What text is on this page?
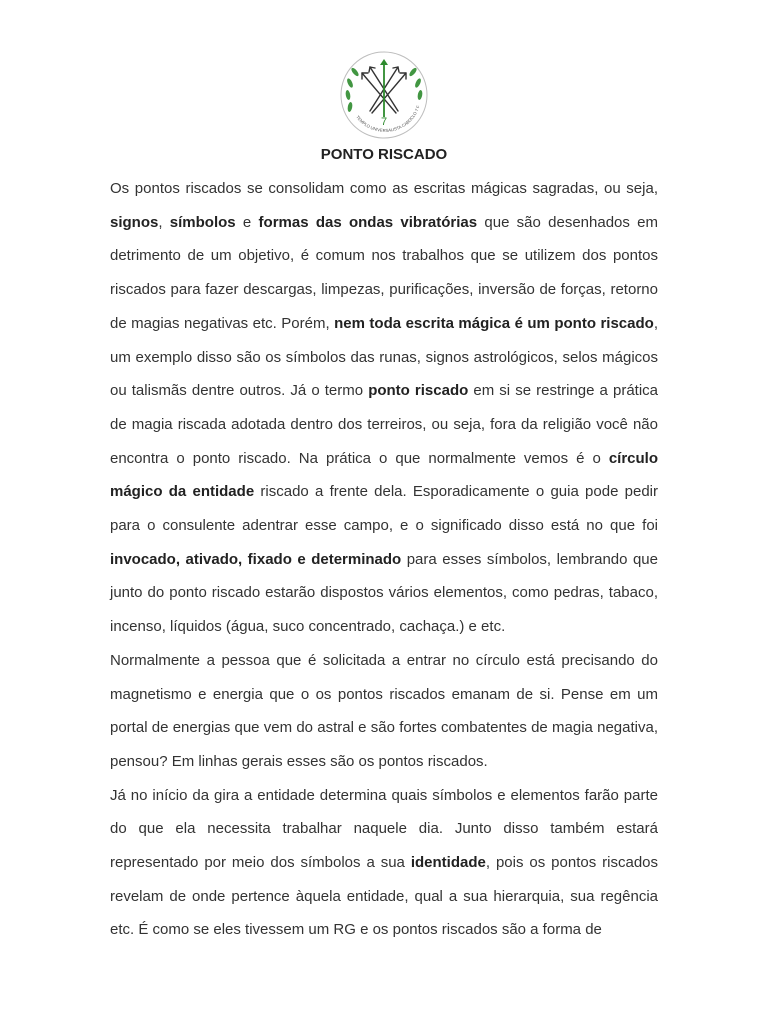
7
TEMPLO UNIVERSALISTA CABOCLO 7 F
PONTO RISCADO

Os pontos riscados se consolidam como as escritas mágicas sagradas, ou seja, signos, símbolos e formas das ondas vibratórias que são desenhados em detrimento de um objetivo, é comum nos trabalhos que se utilizem dos pontos riscados para fazer descargas, limpezas, purificações, inversão de forças, retorno de magias negativas etc. Porém, nem toda escrita mágica é um ponto riscado, um exemplo disso são os símbolos das runas, signos astrológicos, selos mágicos ou talismãs dentre outros. Já o termo ponto riscado em si se restringe a prática de magia riscada adotada dentro dos terreiros, ou seja, fora da religião você não encontra o ponto riscado. Na prática o que normalmente vemos é o círculo mágico da entidade riscado a frente dela. Esporadicamente o guia pode pedir para o consulente adentrar esse campo, e o significado disso está no que foi invocado, ativado, fixado e determinado para esses símbolos, lembrando que junto do ponto riscado estarão dispostos vários elementos, como pedras, tabaco, incenso, líquidos (água, suco concentrado, cachaça.) e etc.

Normalmente a pessoa que é solicitada a entrar no círculo está precisando do magnetismo e energia que o os pontos riscados emanam de si. Pense em um portal de energias que vem do astral e são fortes combatentes de magia negativa, pensou? Em linhas gerais esses são os pontos riscados.

Já no início da gira a entidade determina quais símbolos e elementos farão parte do que ela necessita trabalhar naquele dia. Junto disso também estará representado por meio dos símbolos a sua identidade, pois os pontos riscados revelam de onde pertence àquela entidade, qual a sua hierarquia, sua regência etc. É como se eles tivessem um RG e os pontos riscados são a forma de
